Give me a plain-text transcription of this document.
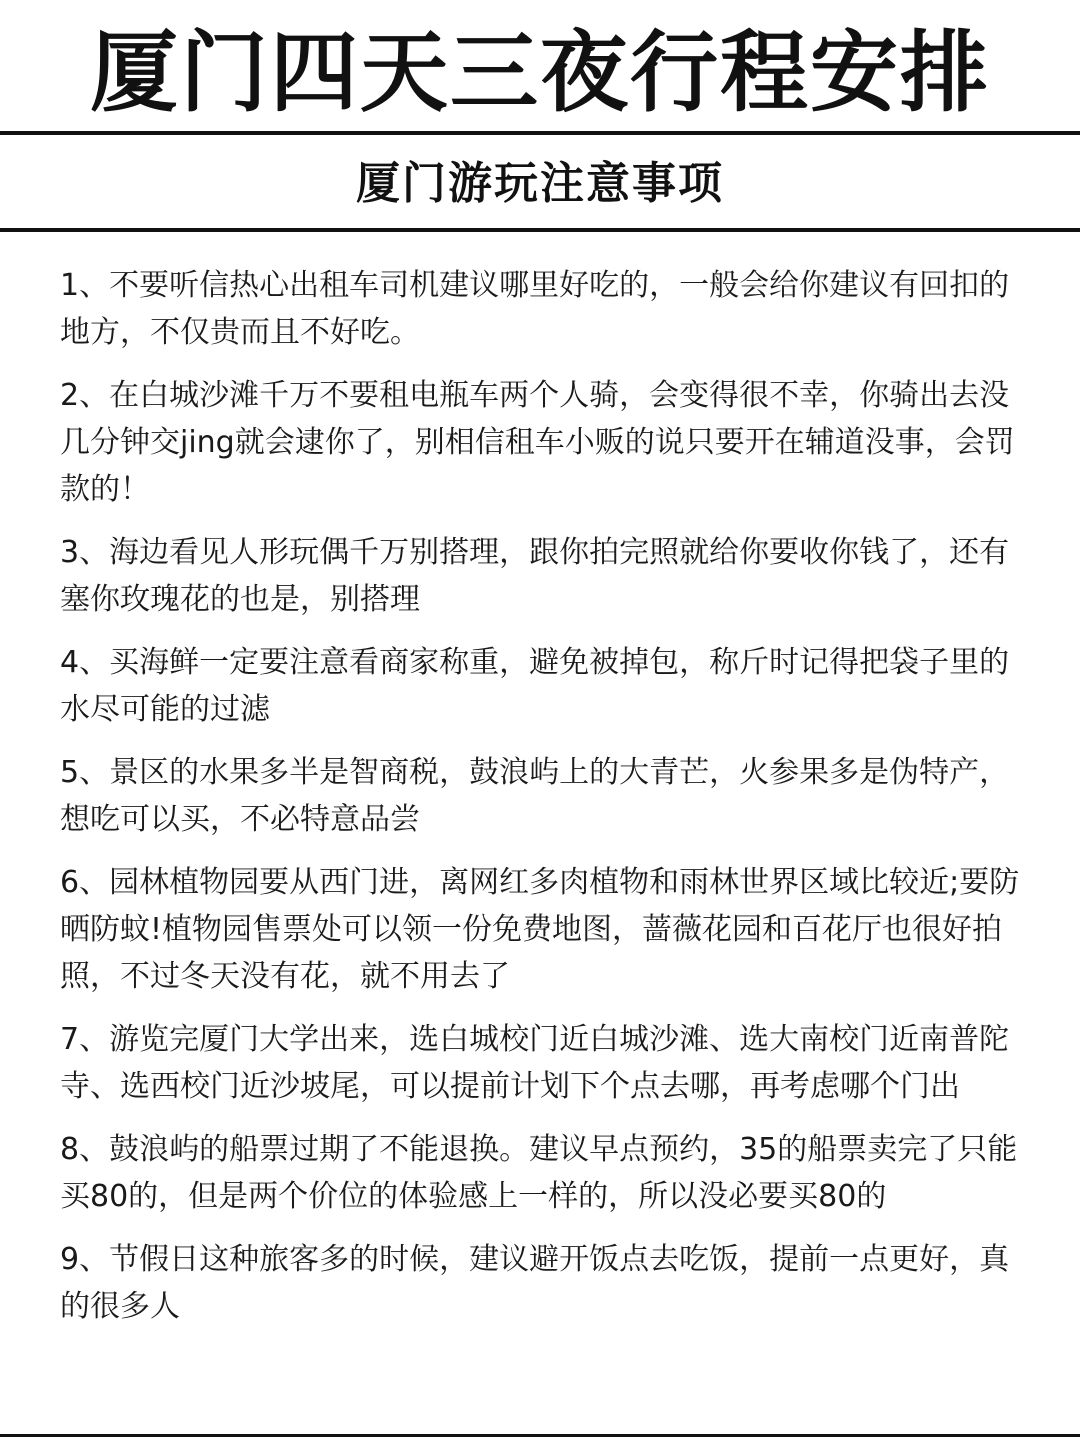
厦门四天三夜行程安排
厦门游玩注意事项
1、不要听信热心出租车司机建议哪里好吃的，一般会给你建议有回扣的地方，不仅贵而且不好吃。
2、在白城沙滩千万不要租电瓶车两个人骑，会变得很不幸，你骑出去没几分钟交jing就会逮你了，别相信租车小贩的说只要开在辅道没事，会罚款的！
3、海边看见人形玩偶千万别搭理，跟你拍完照就给你要收你钱了，还有塞你玫瑰花的也是，别搭理
4、买海鲜一定要注意看商家称重，避免被掉包，称斤时记得把袋子里的水尽可能的过滤
5、景区的水果多半是智商税，鼓浪屿上的大青芒，火参果多是伪特产，想吃可以买，不必特意品尝
6、园林植物园要从西门进，离网红多肉植物和雨林世界区域比较近;要防晒防蚊!植物园售票处可以领一份免费地图，蔷薇花园和百花厅也很好拍照，不过冬天没有花，就不用去了
7、游览完厦门大学出来，选白城校门近白城沙滩、选大南校门近南普陀寺、选西校门近沙坡尾，可以提前计划下个点去哪，再考虑哪个门出
8、鼓浪屿的船票过期了不能退换。建议早点预约，35的船票卖完了只能买80的，但是两个价位的体验感上一样的，所以没必要买80的
9、节假日这种旅客多的时候，建议避开饭点去吃饭，提前一点更好，真的很多人
